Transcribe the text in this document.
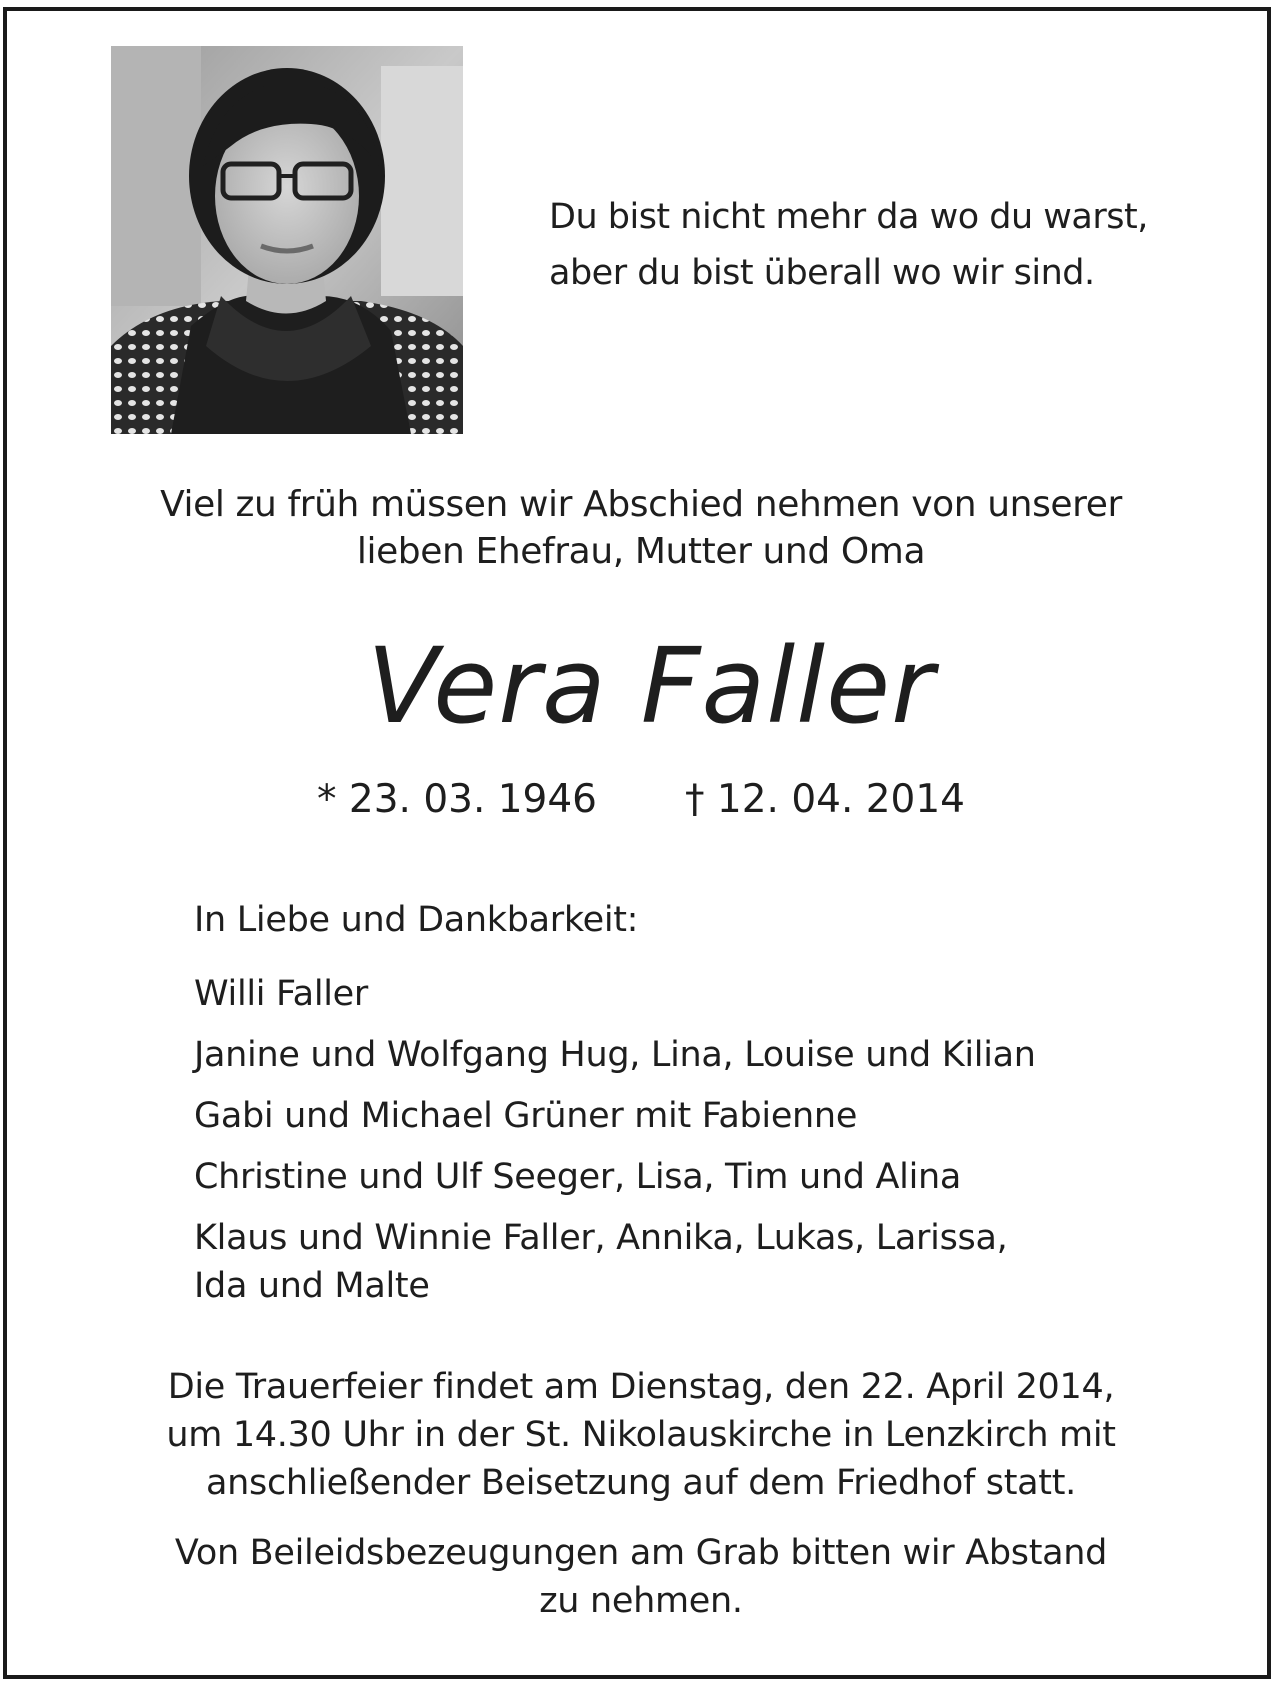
Du bist nicht mehr da wo du warst,
aber du bist überall wo wir sind.
Viel zu früh müssen wir Abschied nehmen von unserer
lieben Ehefrau, Mutter und Oma
Vera Faller
* 23. 03. 1946 † 12. 04. 2014
In Liebe und Dankbarkeit:
Willi Faller
Janine und Wolfgang Hug, Lina, Louise und Kilian
Gabi und Michael Grüner mit Fabienne
Christine und Ulf Seeger, Lisa, Tim und Alina
Klaus und Winnie Faller, Annika, Lukas, Larissa,
Ida und Malte
Die Trauerfeier findet am Dienstag, den 22. April 2014,
um 14.30 Uhr in der St. Nikolauskirche in Lenzkirch mit
anschließender Beisetzung auf dem Friedhof statt.
Von Beileidsbezeugungen am Grab bitten wir Abstand
zu nehmen.
